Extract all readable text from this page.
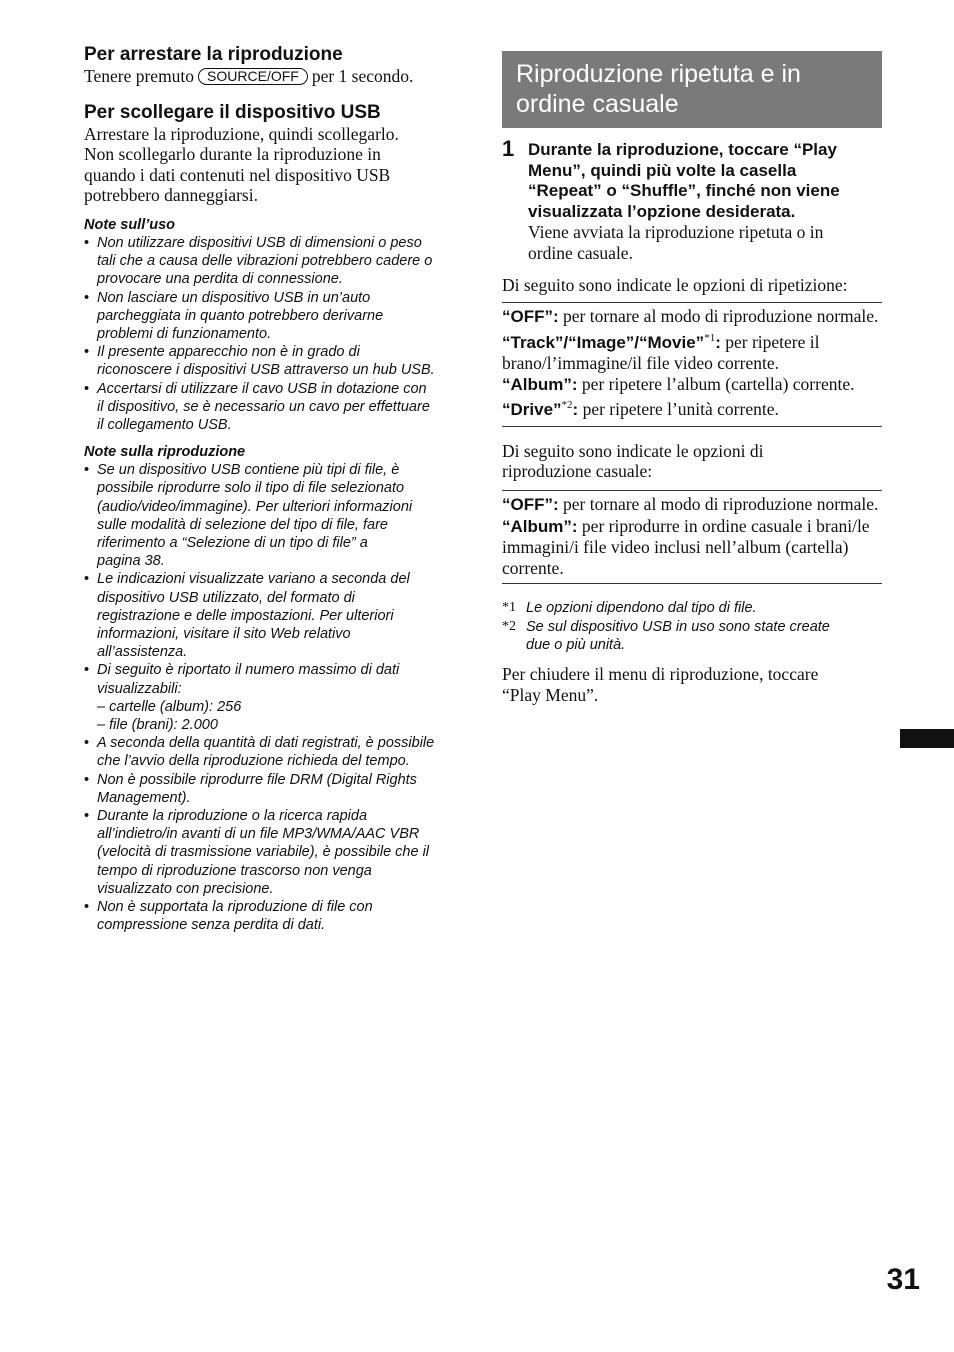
Per arrestare la riproduzione

Tenere premuto SOURCE/OFF per 1 secondo.

Per scollegare il dispositivo USB

Arrestare la riproduzione, quindi scollegarlo.
Non scollegarlo durante la riproduzione in
quando i dati contenuti nel dispositivo USB
potrebbero danneggiarsi.

Note sull’uso

• Non utilizzare dispositivi USB di dimensioni o peso
tali che a causa delle vibrazioni potrebbero cadere o
provocare una perdita di connessione.
• Non lasciare un dispositivo USB in un’auto
parcheggiata in quanto potrebbero derivarne
problemi di funzionamento.
• Il presente apparecchio non è in grado di
riconoscere i dispositivi USB attraverso un hub USB.
• Accertarsi di utilizzare il cavo USB in dotazione con
il dispositivo, se è necessario un cavo per effettuare
il collegamento USB.

Note sulla riproduzione

• Se un dispositivo USB contiene più tipi di file, è
possibile riprodurre solo il tipo di file selezionato
(audio/video/immagine). Per ulteriori informazioni
sulle modalità di selezione del tipo di file, fare
riferimento a “Selezione di un tipo di file” a
pagina 38.
• Le indicazioni visualizzate variano a seconda del
dispositivo USB utilizzato, del formato di
registrazione e delle impostazioni. Per ulteriori
informazioni, visitare il sito Web relativo
all’assistenza.
• Di seguito è riportato il numero massimo di dati
visualizzabili:
– cartelle (album): 256
– file (brani): 2.000
• A seconda della quantità di dati registrati, è possibile
che l’avvio della riproduzione richieda del tempo.
• Non è possibile riprodurre file DRM (Digital Rights
Management).
• Durante la riproduzione o la ricerca rapida
all’indietro/in avanti di un file MP3/WMA/AAC VBR
(velocità di trasmissione variabile), è possibile che il
tempo di riproduzione trascorso non venga
visualizzato con precisione.
• Non è supportata la riproduzione di file con
compressione senza perdita di dati.
Riproduzione ripetuta e in
ordine casuale
1 Durante la riproduzione, toccare “Play
Menu”, quindi più volte la casella
“Repeat” o “Shuffle”, finché non viene
visualizzata l’opzione desiderata.

Viene avviata la riproduzione ripetuta o in
ordine casuale.

Di seguito sono indicate le opzioni di ripetizione:

“OFF”: per tornare al modo di riproduzione normale.
“Track”/“Image”/“Movie”$^{*1}$: per ripetere il brano/l’immagine/il file video corrente.
“Album”: per ripetere l’album (cartella) corrente.
“Drive”$^{*2}$: per ripetere l’unità corrente.

Di seguito sono indicate le opzioni di
riproduzione casuale:

“OFF”: per tornare al modo di riproduzione normale.
“Album”: per riprodurre in ordine casuale i brani/le immagini/i file video inclusi nell’album (cartella) corrente.
*1 Le opzioni dipendono dal tipo di file.
*2 Se sul dispositivo USB in uso sono state create
due o più unità.

Per chiudere il menu di riproduzione, toccare
“Play Menu”.

31
